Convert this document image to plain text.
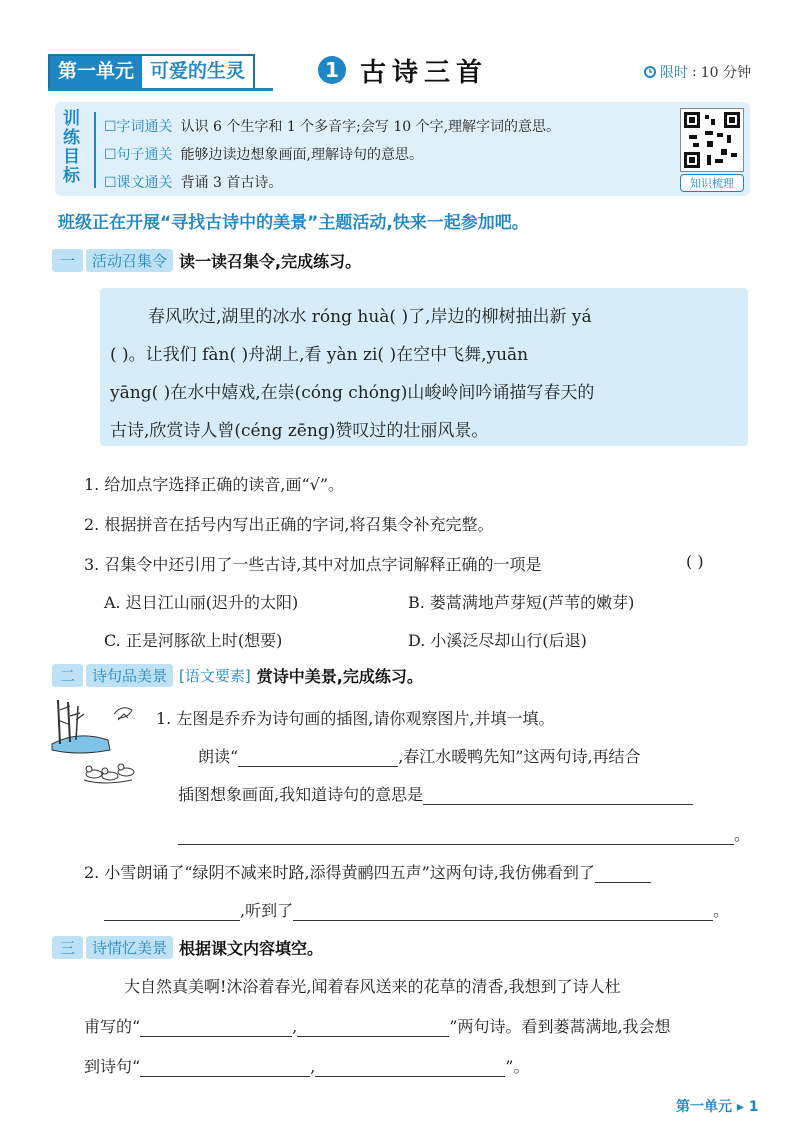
第一单元 可爱的生灵	1 古诗三首	限时 : 10 分钟
训练目标
☐字词通关 认识 6 个生字和 1 个多音字;会写 10 个字,理解字词的意思。
☐句子通关 能够边读边想象画面,理解诗句的意思。
☐课文通关 背诵 3 首古诗。	知识梳理
班级正在开展“寻找古诗中的美景”主题活动,快来一起参加吧。
一	活动召集令 读一读召集令,完成练习。
春风吹过,湖里的冰水 róng huà( )了,岸边的柳树抽出新 yá
( )。让我们 fàn( )舟湖上,看 yàn zi( )在空中飞舞,yuān
yāng( )在水中嬉戏,在崇(cóng chóng)山峻岭间吟诵描写春天的
古诗,欣赏诗人曾(céng zēng)赞叹过的壮丽风景。
1. 给加点字选择正确的读音,画“√”。
2. 根据拼音在括号内写出正确的字词,将召集令补充完整。
3. 召集令中还引用了一些古诗,其中对加点字词解释正确的一项是	( )
A. 迟日江山丽(迟升的太阳)	B. 蒌蒿满地芦芽短(芦苇的嫩芽)
C. 正是河豚欲上时(想要)	D. 小溪泛尽却山行(后退)
二	诗句品美景 [语文要素] 赏诗中美景,完成练习。
1. 左图是乔乔为诗句画的插图,请你观察图片,并填一填。
朗读“	,春江水暖鸭先知”这两句诗,再结合
插图想象画面,我知道诗句的意思是
。
2. 小雪朗诵了“绿阴不减来时路,添得黄鹂四五声”这两句诗,我仿佛看到了
,听到了	。
三	诗情忆美景 根据课文内容填空。
大自然真美啊!沐浴着春光,闻着春风送来的花草的清香,我想到了诗人杜
甫写的“	,	”两句诗。看到蒌蒿满地,我会想
到诗句“	,	”。
第一单元 ▸ 1
